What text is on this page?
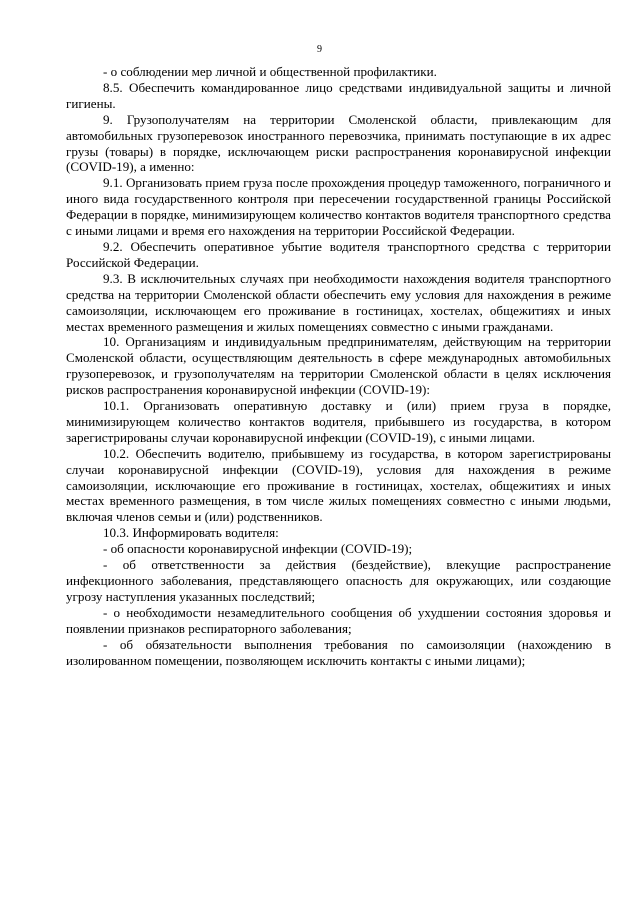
9

- о соблюдении мер личной и общественной профилактики.

8.5. Обеспечить командированное лицо средствами индивидуальной защиты и личной гигиены.

9. Грузополучателям на территории Смоленской области, привлекающим для автомобильных грузоперевозок иностранного перевозчика, принимать поступающие в их адрес грузы (товары) в порядке, исключающем риски распространения коронавирусной инфекции (COVID-19), а именно:

9.1. Организовать прием груза после прохождения процедур таможенного, пограничного и иного вида государственного контроля при пересечении государственной границы Российской Федерации в порядке, минимизирующем количество контактов водителя транспортного средства с иными лицами и время его нахождения на территории Российской Федерации.

9.2. Обеспечить оперативное убытие водителя транспортного средства с территории Российской Федерации.

9.3. В исключительных случаях при необходимости нахождения водителя транспортного средства на территории Смоленской области обеспечить ему условия для нахождения в режиме самоизоляции, исключающем его проживание в гостиницах, хостелах, общежитиях и иных местах временного размещения и жилых помещениях совместно с иными гражданами.

10. Организациям и индивидуальным предпринимателям, действующим на территории Смоленской области, осуществляющим деятельность в сфере международных автомобильных грузоперевозок, и грузополучателям на территории Смоленской области в целях исключения рисков распространения коронавирусной инфекции (COVID-19):

10.1. Организовать оперативную доставку и (или) прием груза в порядке, минимизирующем количество контактов водителя, прибывшего из государства, в котором зарегистрированы случаи коронавирусной инфекции (COVID-19), с иными лицами.

10.2. Обеспечить водителю, прибывшему из государства, в котором зарегистрированы случаи коронавирусной инфекции (COVID-19), условия для нахождения в режиме самоизоляции, исключающие его проживание в гостиницах, хостелах, общежитиях и иных местах временного размещения, в том числе жилых помещениях совместно с иными людьми, включая членов семьи и (или) родственников.

10.3. Информировать водителя:

- об опасности коронавирусной инфекции (COVID-19);

- об ответственности за действия (бездействие), влекущие распространение инфекционного заболевания, представляющего опасность для окружающих, или создающие угрозу наступления указанных последствий;

- о необходимости незамедлительного сообщения об ухудшении состояния здоровья и появлении признаков респираторного заболевания;

- об обязательности выполнения требования по самоизоляции (нахождению в изолированном помещении, позволяющем исключить контакты с иными лицами);
